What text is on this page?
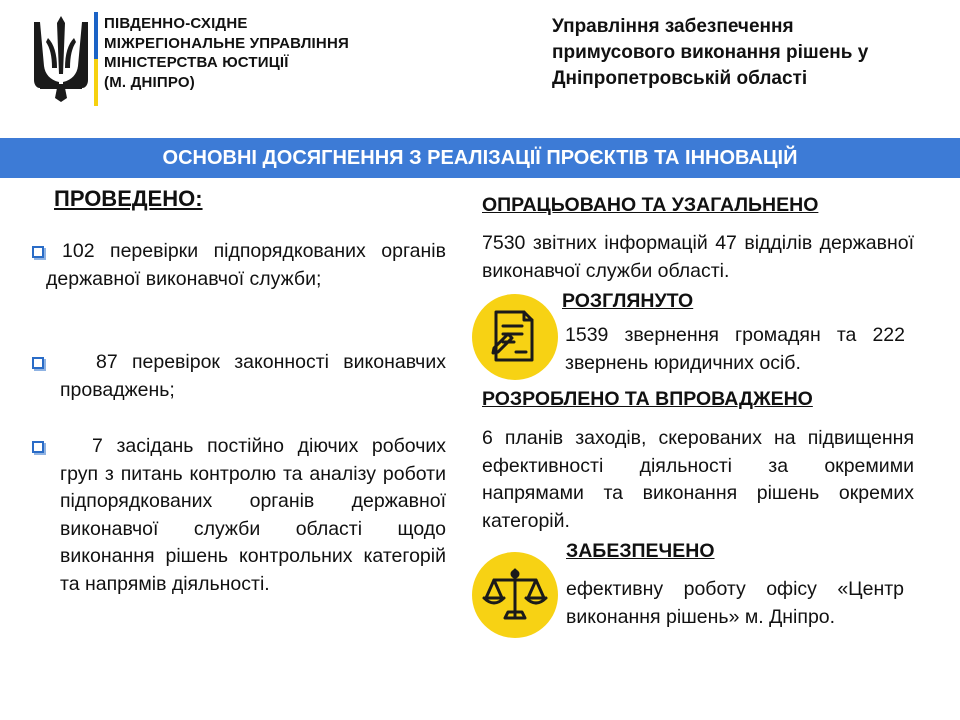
ПІВДЕННО-СХІДНЕ
МІЖРЕГІОНАЛЬНЕ УПРАВЛІННЯ
МІНІСТЕРСТВА ЮСТИЦІЇ
(М. ДНІПРО)
Управління забезпечення
примусового виконання рішень у
Дніпропетровській області
ОСНОВНІ ДОСЯГНЕННЯ З РЕАЛІЗАЦІЇ ПРОЄКТІВ ТА ІННОВАЦІЙ
ПРОВЕДЕНО:
102 перевірки підпорядкованих органів державної виконавчої служби;
87 перевірок законності виконавчих проваджень;
7 засідань постійно діючих робочих груп з питань контролю та аналізу роботи підпорядкованих органів державної виконавчої служби області щодо виконання рішень контрольних категорій та напрямів діяльності.
ОПРАЦЬОВАНО ТА УЗАГАЛЬНЕНО
7530 звітних інформацій 47 відділів державної виконавчої служби області.
РОЗГЛЯНУТО
1539 звернення громадян та 222 звернень юридичних осіб.
РОЗРОБЛЕНО ТА ВПРОВАДЖЕНО
6 планів заходів, скерованих на підвищення ефективності діяльності за окремими напрямами та виконання рішень окремих категорій.
ЗАБЕЗПЕЧЕНО
ефективну роботу офісу «Центр виконання рішень» м. Дніпро.
